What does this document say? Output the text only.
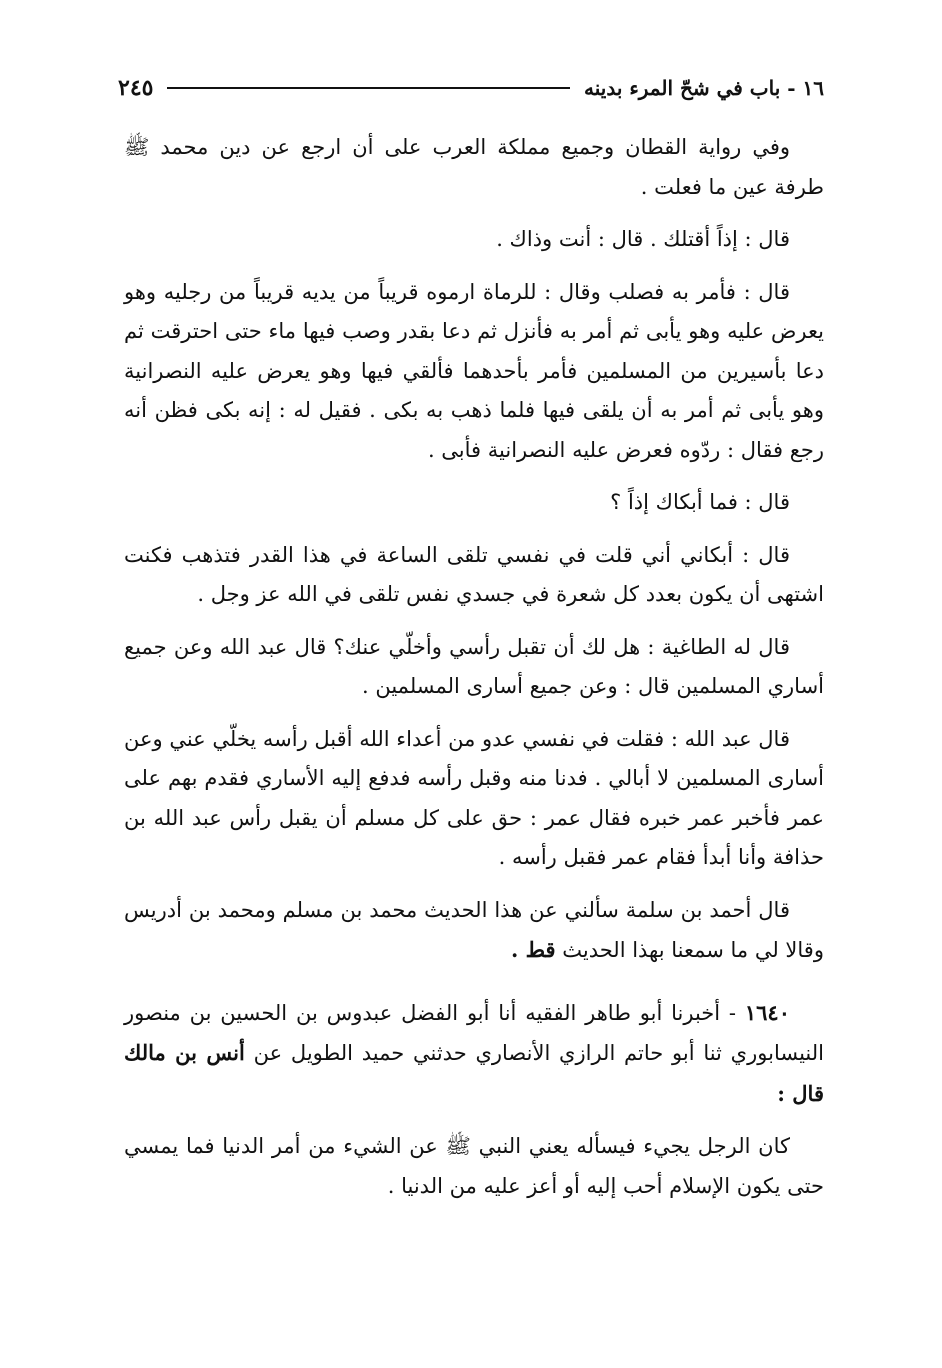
١٦ - باب في شحّ المرء بدينه
٢٤٥

وفي رواية القطان وجميع مملكة العرب على أن ارجع عن دين محمد ﷺ طرفة عين ما فعلت .

قال : إذاً أقتلك . قال : أنت وذاك .

قال : فأمر به فصلب وقال : للرماة ارموه قريباً من يديه قريباً من رجليه وهو يعرض عليه وهو يأبى ثم أمر به فأنزل ثم دعا بقدر وصب فيها ماء حتى احترقت ثم دعا بأسيرين من المسلمين فأمر بأحدهما فألقي فيها وهو يعرض عليه النصرانية وهو يأبى ثم أمر به أن يلقى فيها فلما ذهب به بكى . فقيل له : إنه بكى فظن أنه رجع فقال : ردّوه فعرض عليه النصرانية فأبى .

قال : فما أبكاك إذاً ؟

قال : أبكاني أني قلت في نفسي تلقى الساعة في هذا القدر فتذهب فكنت اشتهى أن يكون بعدد كل شعرة في جسدي نفس تلقى في الله عز وجل .

قال له الطاغية : هل لك أن تقبل رأسي وأخلّي عنك؟ قال عبد الله وعن جميع أساري المسلمين قال : وعن جميع أسارى المسلمين .

قال عبد الله : فقلت في نفسي عدو من أعداء الله أقبل رأسه يخلّي عني وعن أسارى المسلمين لا أبالي . فدنا منه وقبل رأسه فدفع إليه الأساري فقدم بهم على عمر فأخبر عمر خبره فقال عمر : حق على كل مسلم أن يقبل رأس عبد الله بن حذافة وأنا أبدأ فقام عمر فقبل رأسه .

قال أحمد بن سلمة سألني عن هذا الحديث محمد بن مسلم ومحمد بن أدريس وقالا لي ما سمعنا بهذا الحديث قط .

١٦٤٠ - أخبرنا أبو طاهر الفقيه أنا أبو الفضل عبدوس بن الحسين بن منصور النيسابوري ثنا أبو حاتم الرازي الأنصاري حدثني حميد الطويل عن أنس بن مالك قال :

كان الرجل يجيء فيسأله يعني النبي ﷺ عن الشيء من أمر الدنيا فما يمسي حتى يكون الإسلام أحب إليه أو أعز عليه من الدنيا .
